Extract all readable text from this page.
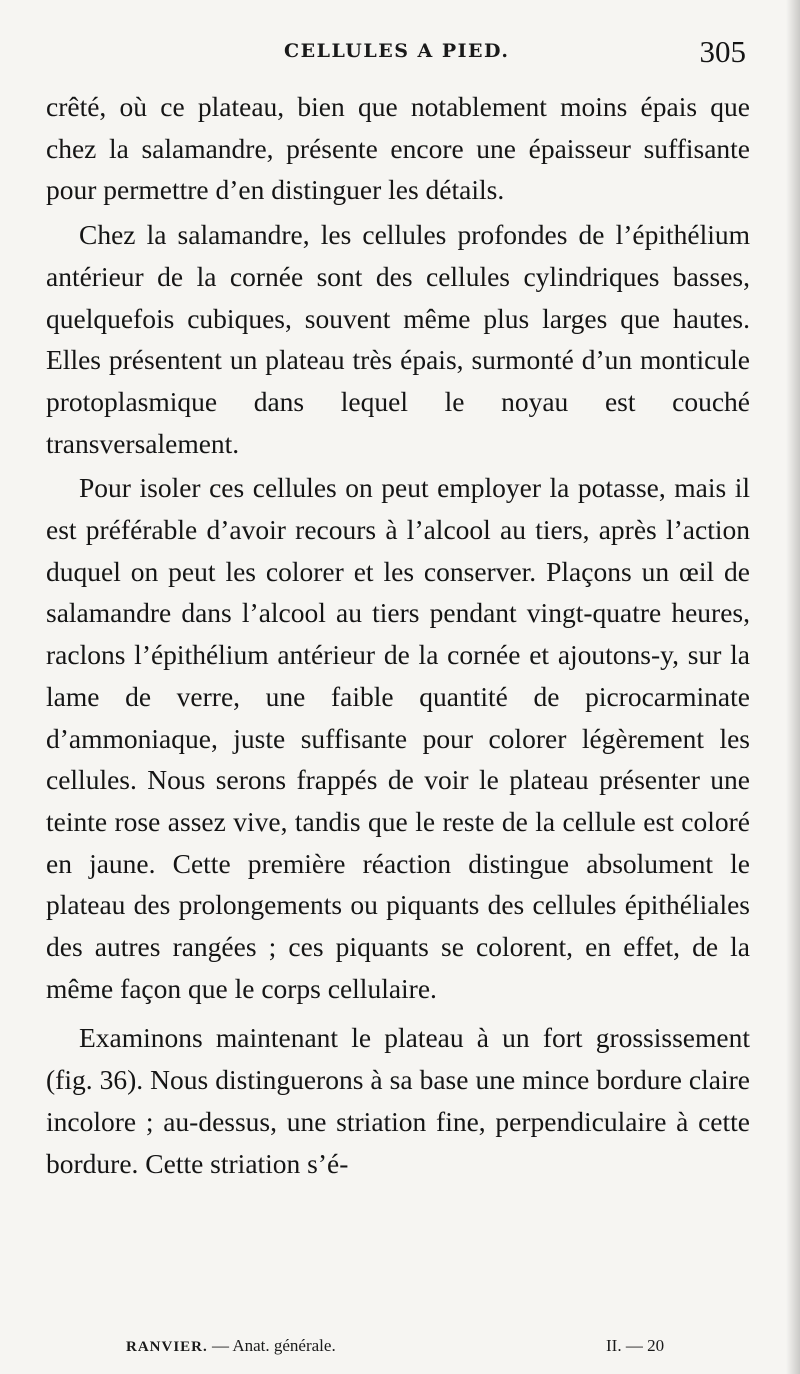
CELLULES A PIED.	305

crêté, où ce plateau, bien que notablement moins épais que chez la salamandre, présente encore une épaisseur suffisante pour permettre d’en distinguer les détails.

Chez la salamandre, les cellules profondes de l’épithélium antérieur de la cornée sont des cellules cylindriques basses, quelquefois cubiques, souvent même plus larges que hautes. Elles présentent un plateau très épais, surmonté d’un monticule protoplasmique dans lequel le noyau est couché transversalement.

Pour isoler ces cellules on peut employer la potasse, mais il est préférable d’avoir recours à l’alcool au tiers, après l’action duquel on peut les colorer et les conserver. Plaçons un œil de salamandre dans l’alcool au tiers pendant vingt-quatre heures, raclons l’épithélium antérieur de la cornée et ajoutons-y, sur la lame de verre, une faible quantité de picrocarminate d’ammoniaque, juste suffisante pour colorer légèrement les cellules. Nous serons frappés de voir le plateau présenter une teinte rose assez vive, tandis que le reste de la cellule est coloré en jaune. Cette première réaction distingue absolument le plateau des prolongements ou piquants des cellules épithéliales des autres rangées ; ces piquants se colorent, en effet, de la même façon que le corps cellulaire.

Examinons maintenant le plateau à un fort grossissement (fig. 36). Nous distinguerons à sa base une mince bordure claire incolore ; au-dessus, une striation fine, perpendiculaire à cette bordure. Cette striation s’é-

RANVIER. — Anat. générale.	II. — 20
